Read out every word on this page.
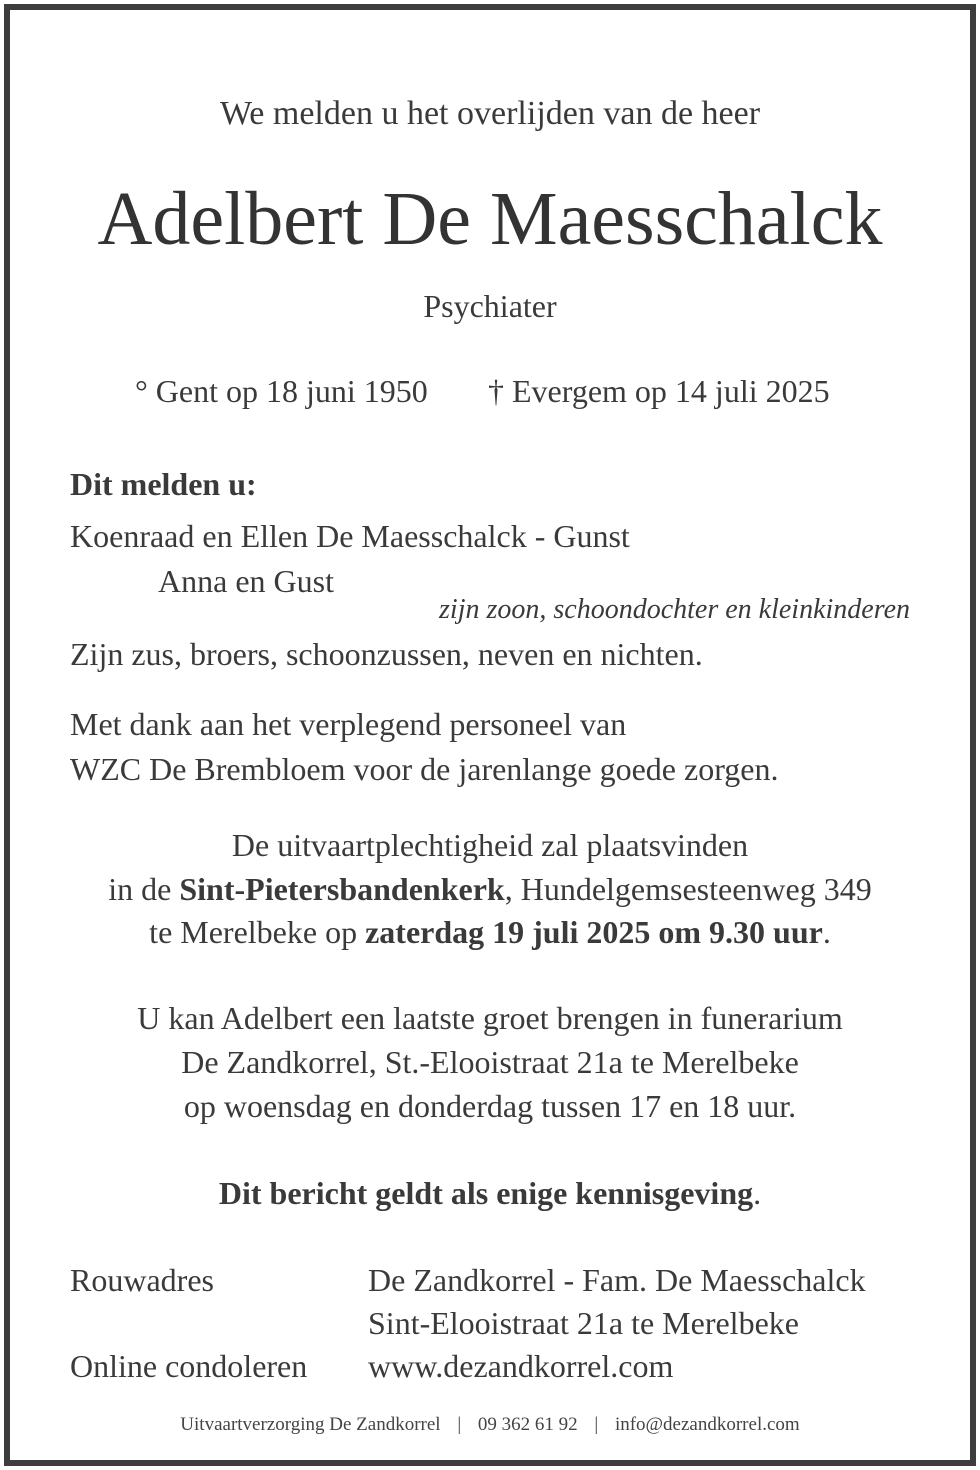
We melden u het overlijden van de heer
Adelbert De Maesschalck
Psychiater
° Gent op 18 juni 1950 † Evergem op 14 juli 2025
Dit melden u:
Koenraad en Ellen De Maesschalck - Gunst
Anna en Gust
zijn zoon, schoondochter en kleinkinderen
Zijn zus, broers, schoonzussen, neven en nichten.
Met dank aan het verplegend personeel van
WZC De Brembloem voor de jarenlange goede zorgen.
De uitvaartplechtigheid zal plaatsvinden
in de Sint-Pietersbandenkerk, Hundelgemsesteenweg 349
te Merelbeke op zaterdag 19 juli 2025 om 9.30 uur.
U kan Adelbert een laatste groet brengen in funerarium
De Zandkorrel, St.-Elooistraat 21a te Merelbeke
op woensdag en donderdag tussen 17 en 18 uur.
Dit bericht geldt als enige kennisgeving.
Rouwadres	De Zandkorrel - Fam. De Maesschalck
Sint-Elooistraat 21a te Merelbeke
Online condoleren www.dezandkorrel.com
Uitvaartverzorging De Zandkorrel | 09 362 61 92 | info@dezandkorrel.com
